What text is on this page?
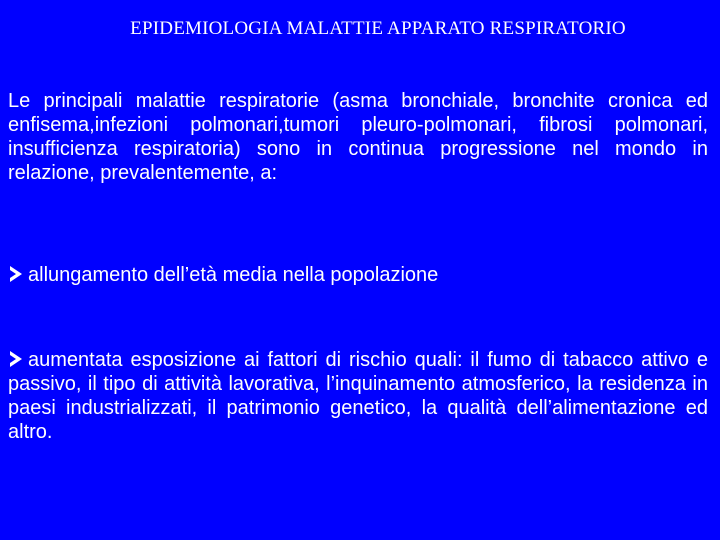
EPIDEMIOLOGIA MALATTIE APPARATO RESPIRATORIO
Le principali malattie respiratorie (asma bronchiale, bronchite cronica ed enfisema,infezioni polmonari,tumori pleuro-polmonari, fibrosi polmonari, insufficienza respiratoria) sono in continua progressione nel mondo in relazione, prevalentemente, a:
allungamento dell’età media nella popolazione
aumentata esposizione ai fattori di rischio quali: il fumo di tabacco attivo e passivo, il tipo di attività lavorativa, l’inquinamento atmosferico, la residenza in paesi industrializzati, il patrimonio genetico, la qualità dell’alimentazione ed altro.
